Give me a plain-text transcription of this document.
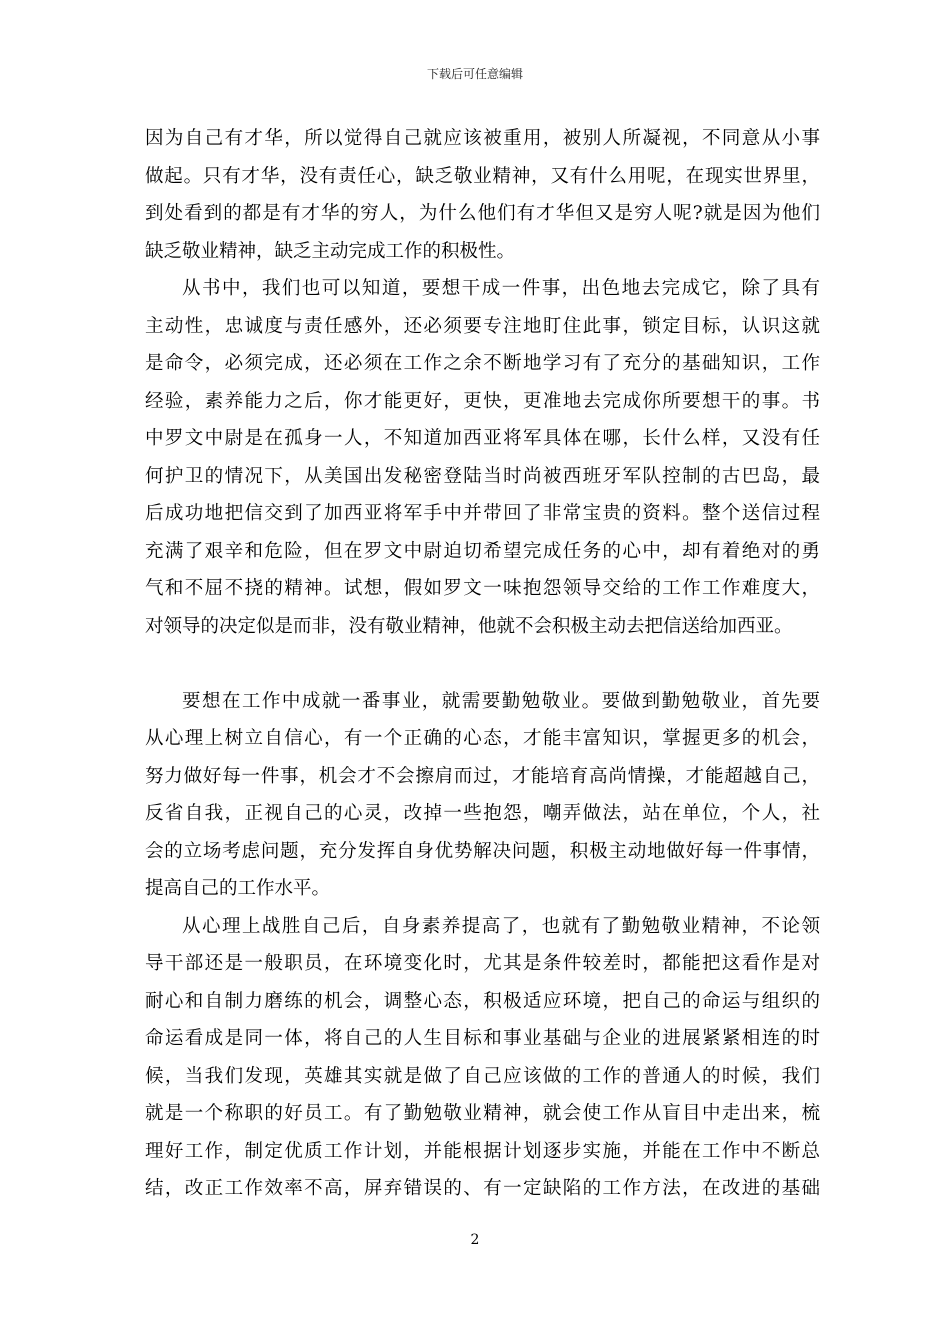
下载后可任意编辑
因为自己有才华，所以觉得自己就应该被重用，被别人所凝视，不同意从小事
做起。只有才华，没有责任心，缺乏敬业精神，又有什么用呢，在现实世界里，
到处看到的都是有才华的穷人，为什么他们有才华但又是穷人呢?就是因为他们
缺乏敬业精神，缺乏主动完成工作的积极性。
从书中，我们也可以知道，要想干成一件事，出色地去完成它，除了具有
主动性，忠诚度与责任感外，还必须要专注地盯住此事，锁定目标，认识这就
是命令，必须完成，还必须在工作之余不断地学习有了充分的基础知识，工作
经验，素养能力之后，你才能更好，更快，更准地去完成你所要想干的事。书
中罗文中尉是在孤身一人，不知道加西亚将军具体在哪，长什么样，又没有任
何护卫的情况下，从美国出发秘密登陆当时尚被西班牙军队控制的古巴岛，最
后成功地把信交到了加西亚将军手中并带回了非常宝贵的资料。整个送信过程
充满了艰辛和危险，但在罗文中尉迫切希望完成任务的心中，却有着绝对的勇
气和不屈不挠的精神。试想，假如罗文一味抱怨领导交给的工作工作难度大，
对领导的决定似是而非，没有敬业精神，他就不会积极主动去把信送给加西亚。
要想在工作中成就一番事业，就需要勤勉敬业。要做到勤勉敬业，首先要
从心理上树立自信心，有一个正确的心态，才能丰富知识，掌握更多的机会，
努力做好每一件事，机会才不会擦肩而过，才能培育高尚情操，才能超越自己，
反省自我，正视自己的心灵，改掉一些抱怨，嘲弄做法，站在单位，个人，社
会的立场考虑问题，充分发挥自身优势解决问题，积极主动地做好每一件事情，
提高自己的工作水平。
从心理上战胜自己后，自身素养提高了，也就有了勤勉敬业精神，不论领
导干部还是一般职员，在环境变化时，尤其是条件较差时，都能把这看作是对
耐心和自制力磨练的机会，调整心态，积极适应环境，把自己的命运与组织的
命运看成是同一体，将自己的人生目标和事业基础与企业的进展紧紧相连的时
候，当我们发现，英雄其实就是做了自己应该做的工作的普通人的时候，我们
就是一个称职的好员工。有了勤勉敬业精神，就会使工作从盲目中走出来，梳
理好工作，制定优质工作计划，并能根据计划逐步实施，并能在工作中不断总
结，改正工作效率不高，屏弃错误的、有一定缺陷的工作方法，在改进的基础
2
